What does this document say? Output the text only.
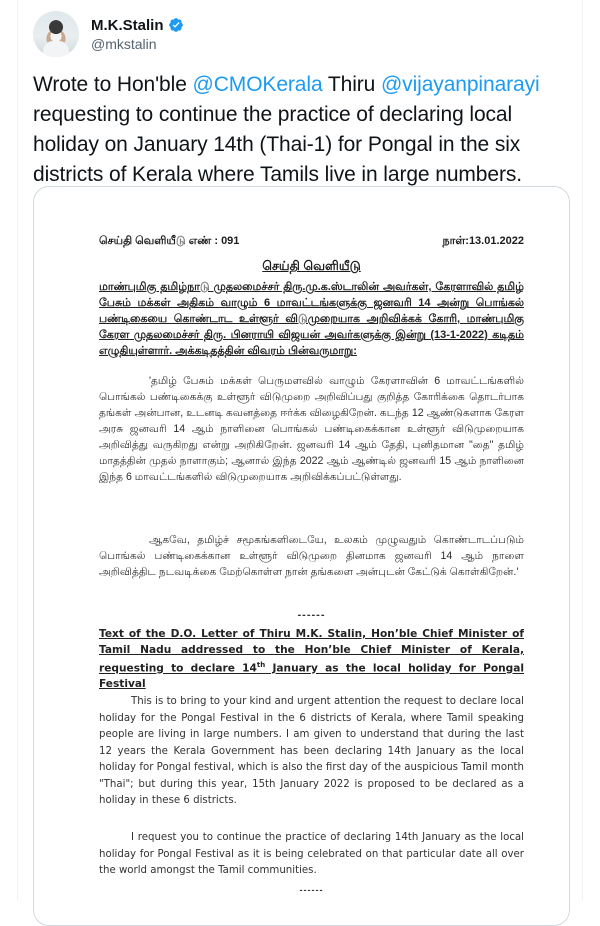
M.K.Stalin
@mkstalin
Wrote to Hon'ble @CMOKerala Thiru @vijayanpinarayi requesting to continue the practice of declaring local holiday on January 14th (Thai-1) for Pongal in the six districts of Kerala where Tamils live in large numbers.
செய்தி வெளியீடு எண் : 091	நாள்:13.01.2022
செய்தி வெளியீடு
மாண்புமிகு தமிழ்நாடு முதலமைச்சர் திரு.மு.க.ஸ்டாலின் அவர்கள், கேரளாவில் தமிழ் பேசும் மக்கள் அதிகம் வாழும் 6 மாவட்டங்களுக்கு ஜனவரி 14 அன்று பொங்கல் பண்டிகையை கொண்டாட உள்ளூர் விடுமுறையாக அறிவிக்கக் கோரி, மாண்புமிகு கேரள முதலமைச்சர் திரு. பினராயி விஜயன் அவர்களுக்கு இன்று (13-1-2022) கடிதம் எழுதியுள்ளார். அக்கடிதத்தின் விவரம் பின்வருமாறு:
'தமிழ் பேசும் மக்கள் பெருமளவில் வாழும் கேரளாவின் 6 மாவட்டங்களில் பொங்கல் பண்டிகைக்கு உள்ளூர் விடுமுறை அறிவிப்பது குறித்த கோரிக்கை தொடர்பாக தங்கள் அன்பான, உடனடி கவனத்தை ஈர்க்க விழைகிறேன். கடந்த 12 ஆண்டுகளாக கேரள அரசு ஜனவரி 14 ஆம் நாளினை பொங்கல் பண்டிகைக்கான உள்ளூர் விடுமுறையாக அறிவித்து வருகிறது என்று அறிகிறேன். ஜனவரி 14 ஆம் தேதி, புனிதமான "தை" தமிழ் மாதத்தின் முதல் நாளாகும்; ஆனால் இந்த 2022 ஆம் ஆண்டில் ஜனவரி 15 ஆம் நாளினை இந்த 6 மாவட்டங்களில் விடுமுறையாக அறிவிக்கப்பட்டுள்ளது.
ஆகவே, தமிழ்ச் சமூகங்களிடையே, உலகம் முழுவதும் கொண்டாடப்படும் பொங்கல் பண்டிகைக்கான உள்ளூர் விடுமுறை தினமாக ஜனவரி 14 ஆம் நாளை அறிவித்திட நடவடிக்கை மேற்கொள்ள நான் தங்களை அன்புடன் கேட்டுக் கொள்கிறேன்.'
------
Text of the D.O. Letter of Thiru M.K. Stalin, Hon’ble Chief Minister of Tamil Nadu addressed to the Hon’ble Chief Minister of Kerala, requesting to declare 14th January as the local holiday for Pongal Festival
This is to bring to your kind and urgent attention the request to declare local holiday for the Pongal Festival in the 6 districts of Kerala, where Tamil speaking people are living in large numbers. I am given to understand that during the last 12 years the Kerala Government has been declaring 14th January as the local holiday for Pongal festival, which is also the first day of the auspicious Tamil month "Thai"; but during this year, 15th January 2022 is proposed to be declared as a holiday in these 6 districts.
I request you to continue the practice of declaring 14th January as the local holiday for Pongal Festival as it is being celebrated on that particular date all over the world amongst the Tamil communities.
------
